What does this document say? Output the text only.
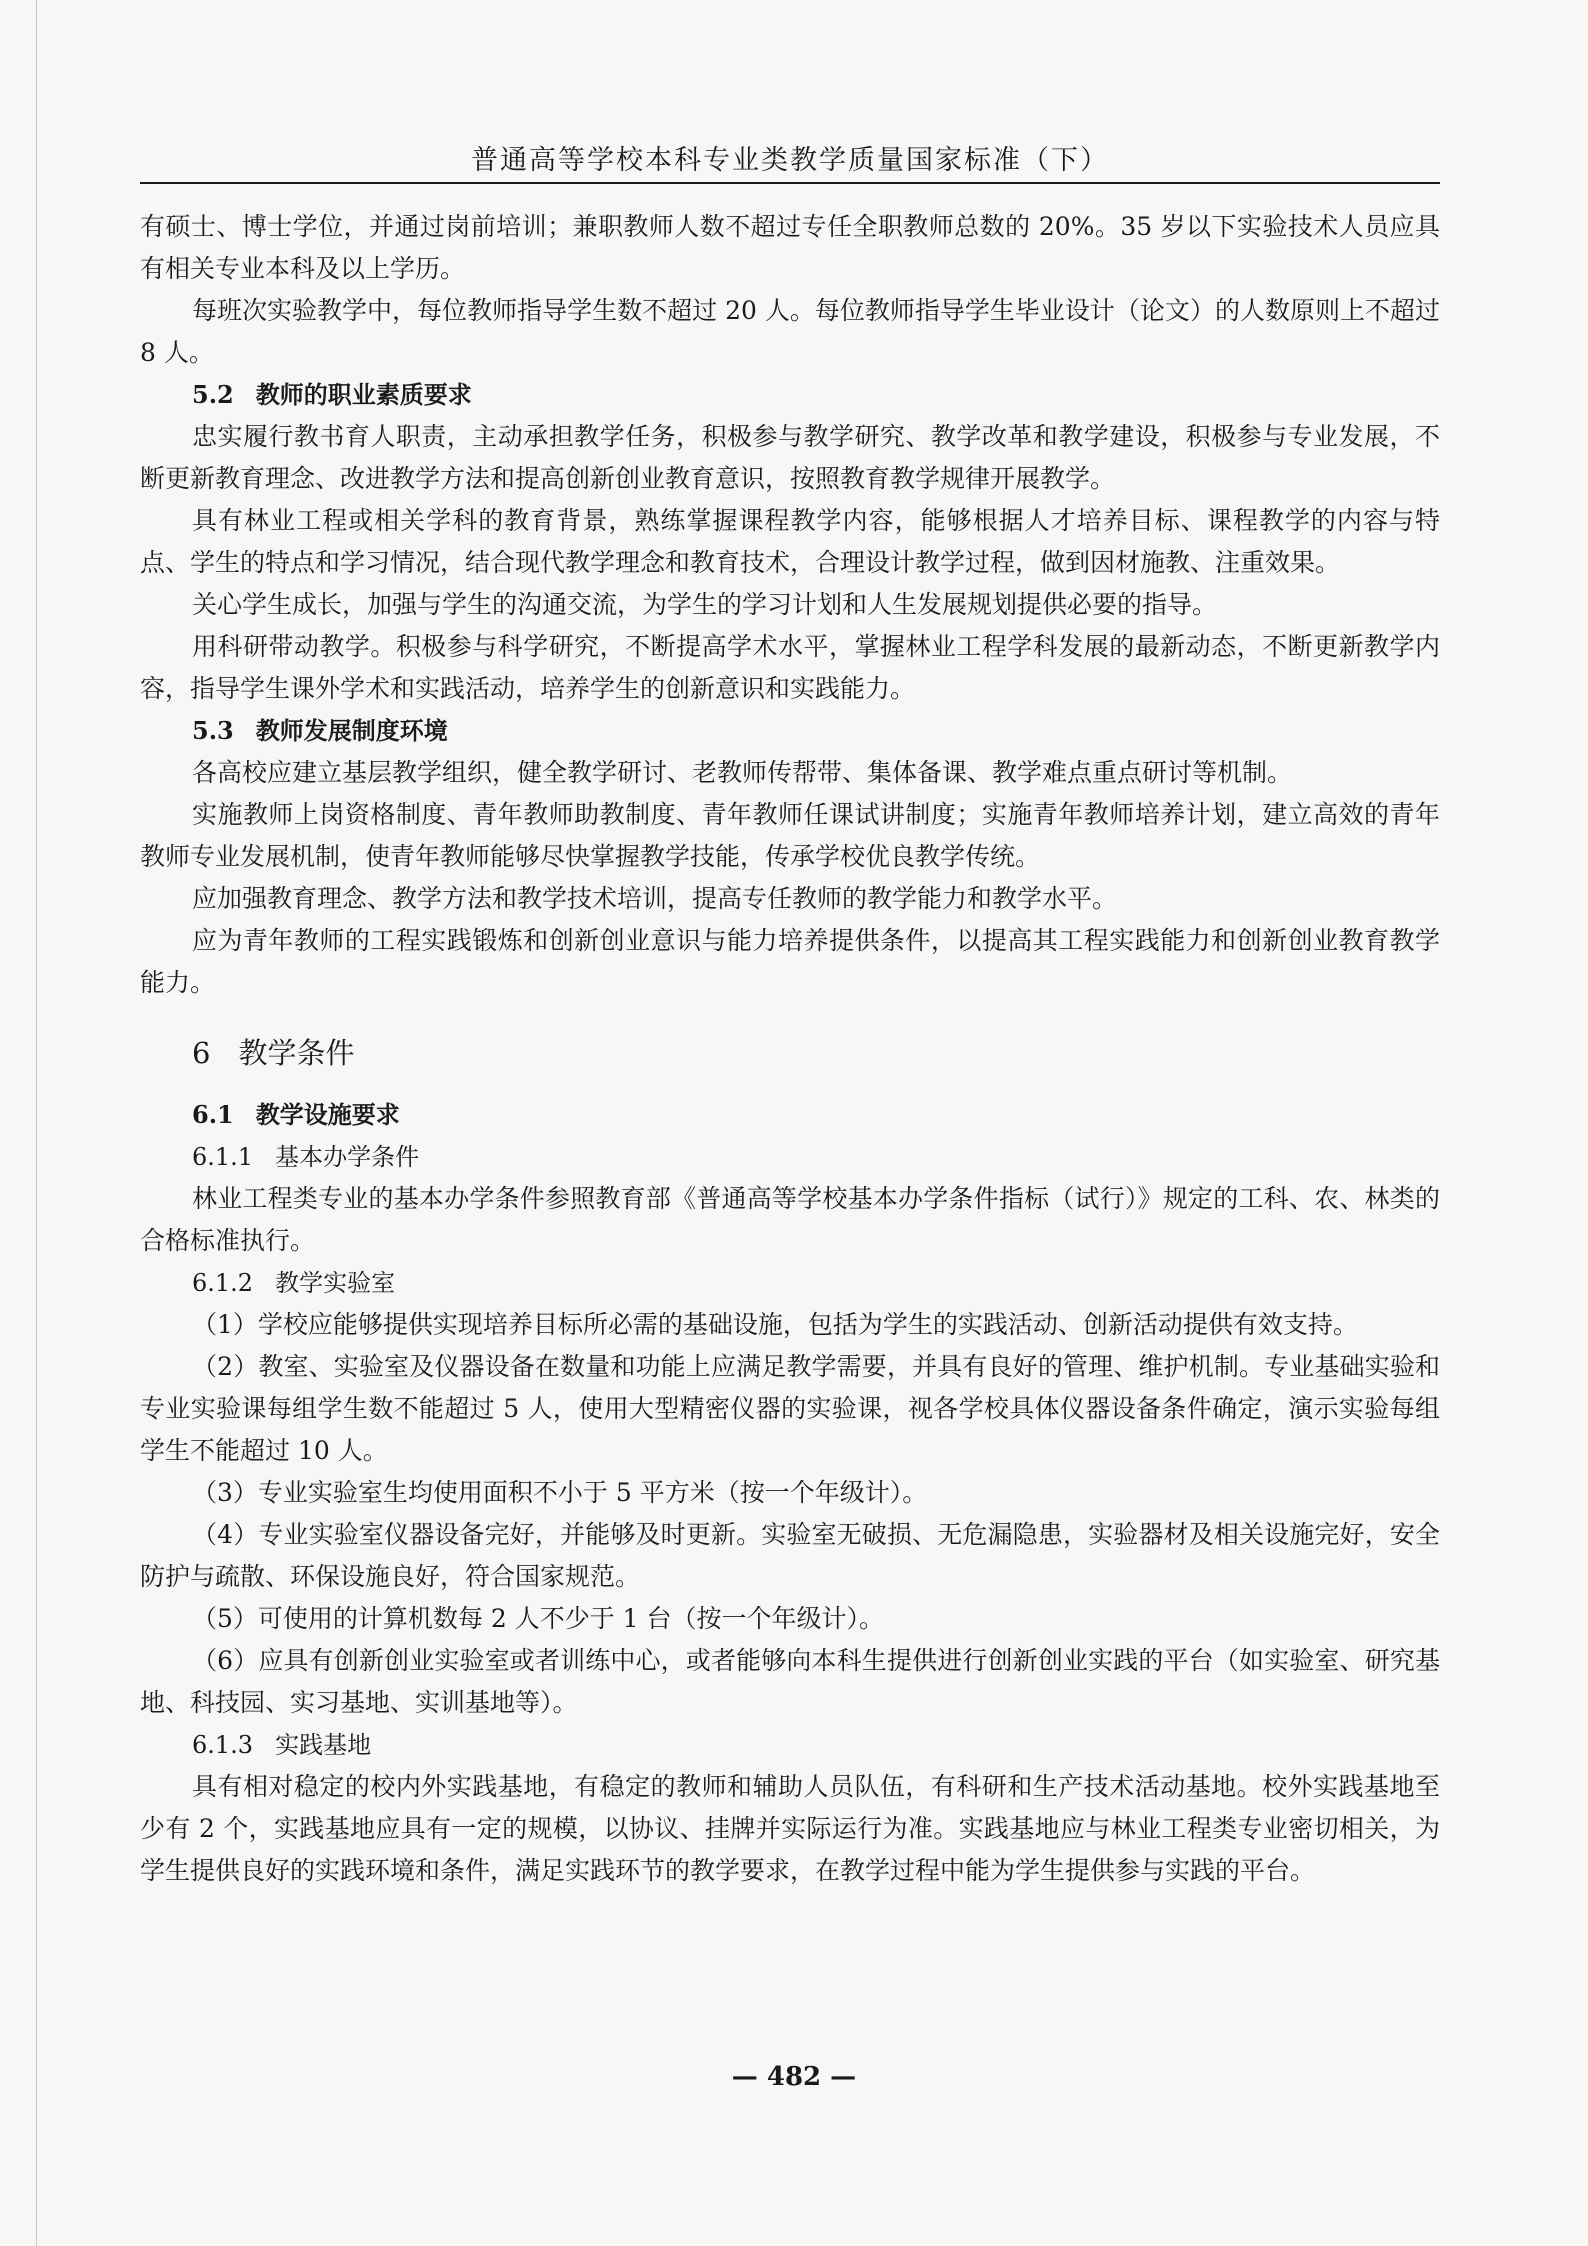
普通高等学校本科专业类教学质量国家标准（下）
有硕士、博士学位，并通过岗前培训；兼职教师人数不超过专任全职教师总数的 20%。35 岁以下实验技术人员应具有相关专业本科及以上学历。
每班次实验教学中，每位教师指导学生数不超过 20 人。每位教师指导学生毕业设计（论文）的人数原则上不超过 8 人。
5.2 教师的职业素质要求
忠实履行教书育人职责，主动承担教学任务，积极参与教学研究、教学改革和教学建设，积极参与专业发展，不断更新教育理念、改进教学方法和提高创新创业教育意识，按照教育教学规律开展教学。
具有林业工程或相关学科的教育背景，熟练掌握课程教学内容，能够根据人才培养目标、课程教学的内容与特点、学生的特点和学习情况，结合现代教学理念和教育技术，合理设计教学过程，做到因材施教、注重效果。
关心学生成长，加强与学生的沟通交流，为学生的学习计划和人生发展规划提供必要的指导。
用科研带动教学。积极参与科学研究，不断提高学术水平，掌握林业工程学科发展的最新动态，不断更新教学内容，指导学生课外学术和实践活动，培养学生的创新意识和实践能力。
5.3 教师发展制度环境
各高校应建立基层教学组织，健全教学研讨、老教师传帮带、集体备课、教学难点重点研讨等机制。
实施教师上岗资格制度、青年教师助教制度、青年教师任课试讲制度；实施青年教师培养计划，建立高效的青年教师专业发展机制，使青年教师能够尽快掌握教学技能，传承学校优良教学传统。
应加强教育理念、教学方法和教学技术培训，提高专任教师的教学能力和教学水平。
应为青年教师的工程实践锻炼和创新创业意识与能力培养提供条件，以提高其工程实践能力和创新创业教育教学能力。
6 教学条件
6.1 教学设施要求
6.1.1 基本办学条件
林业工程类专业的基本办学条件参照教育部《普通高等学校基本办学条件指标（试行）》规定的工科、农、林类的合格标准执行。
6.1.2 教学实验室
（1）学校应能够提供实现培养目标所必需的基础设施，包括为学生的实践活动、创新活动提供有效支持。
（2）教室、实验室及仪器设备在数量和功能上应满足教学需要，并具有良好的管理、维护机制。专业基础实验和专业实验课每组学生数不能超过 5 人，使用大型精密仪器的实验课，视各学校具体仪器设备条件确定，演示实验每组学生不能超过 10 人。
（3）专业实验室生均使用面积不小于 5 平方米（按一个年级计）。
（4）专业实验室仪器设备完好，并能够及时更新。实验室无破损、无危漏隐患，实验器材及相关设施完好，安全防护与疏散、环保设施良好，符合国家规范。
（5）可使用的计算机数每 2 人不少于 1 台（按一个年级计）。
（6）应具有创新创业实验室或者训练中心，或者能够向本科生提供进行创新创业实践的平台（如实验室、研究基地、科技园、实习基地、实训基地等）。
6.1.3 实践基地
具有相对稳定的校内外实践基地，有稳定的教师和辅助人员队伍，有科研和生产技术活动基地。校外实践基地至少有 2 个，实践基地应具有一定的规模，以协议、挂牌并实际运行为准。实践基地应与林业工程类专业密切相关，为学生提供良好的实践环境和条件，满足实践环节的教学要求，在教学过程中能为学生提供参与实践的平台。
— 482 —
